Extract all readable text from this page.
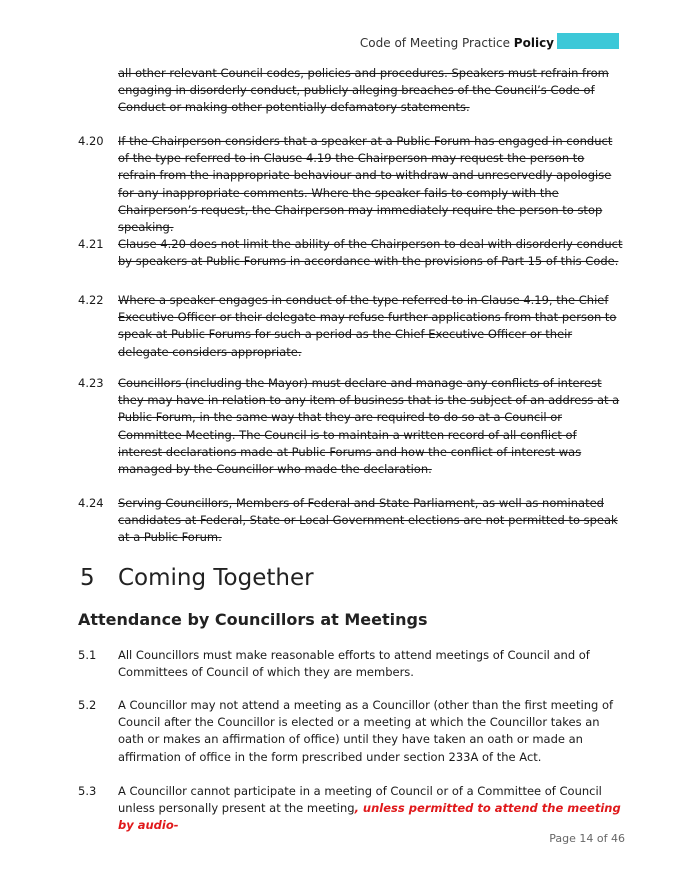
Code of Meeting Practice Policy
all other relevant Council codes, policies and procedures. Speakers must refrain from engaging in disorderly conduct, publicly alleging breaches of the Council’s Code of Conduct or making other potentially defamatory statements.
4.20	If the Chairperson considers that a speaker at a Public Forum has engaged in conduct of the type referred to in Clause 4.19 the Chairperson may request the person to refrain from the inappropriate behaviour and to withdraw and unreservedly apologise for any inappropriate comments. Where the speaker fails to comply with the Chairperson’s request, the Chairperson may immediately require the person to stop speaking.
4.21	Clause 4.20 does not limit the ability of the Chairperson to deal with disorderly conduct by speakers at Public Forums in accordance with the provisions of Part 15 of this Code.
4.22	Where a speaker engages in conduct of the type referred to in Clause 4.19, the Chief Executive Officer or their delegate may refuse further applications from that person to speak at Public Forums for such a period as the Chief Executive Officer or their delegate considers appropriate.
4.23	Councillors (including the Mayor) must declare and manage any conflicts of interest they may have in relation to any item of business that is the subject of an address at a Public Forum, in the same way that they are required to do so at a Council or Committee Meeting. The Council is to maintain a written record of all conflict of interest declarations made at Public Forums and how the conflict of interest was managed by the Councillor who made the declaration.
4.24	Serving Councillors, Members of Federal and State Parliament, as well as nominated candidates at Federal, State or Local Government elections are not permitted to speak at a Public Forum.
5 Coming Together
Attendance by Councillors at Meetings
5.1	All Councillors must make reasonable efforts to attend meetings of Council and of Committees of Council of which they are members.
5.2	A Councillor may not attend a meeting as a Councillor (other than the first meeting of Council after the Councillor is elected or a meeting at which the Councillor takes an oath or makes an affirmation of office) until they have taken an oath or made an affirmation of office in the form prescribed under section 233A of the Act.
5.3	A Councillor cannot participate in a meeting of Council or of a Committee of Council unless personally present at the meeting, unless permitted to attend the meeting by audio-
Page 14 of 46
